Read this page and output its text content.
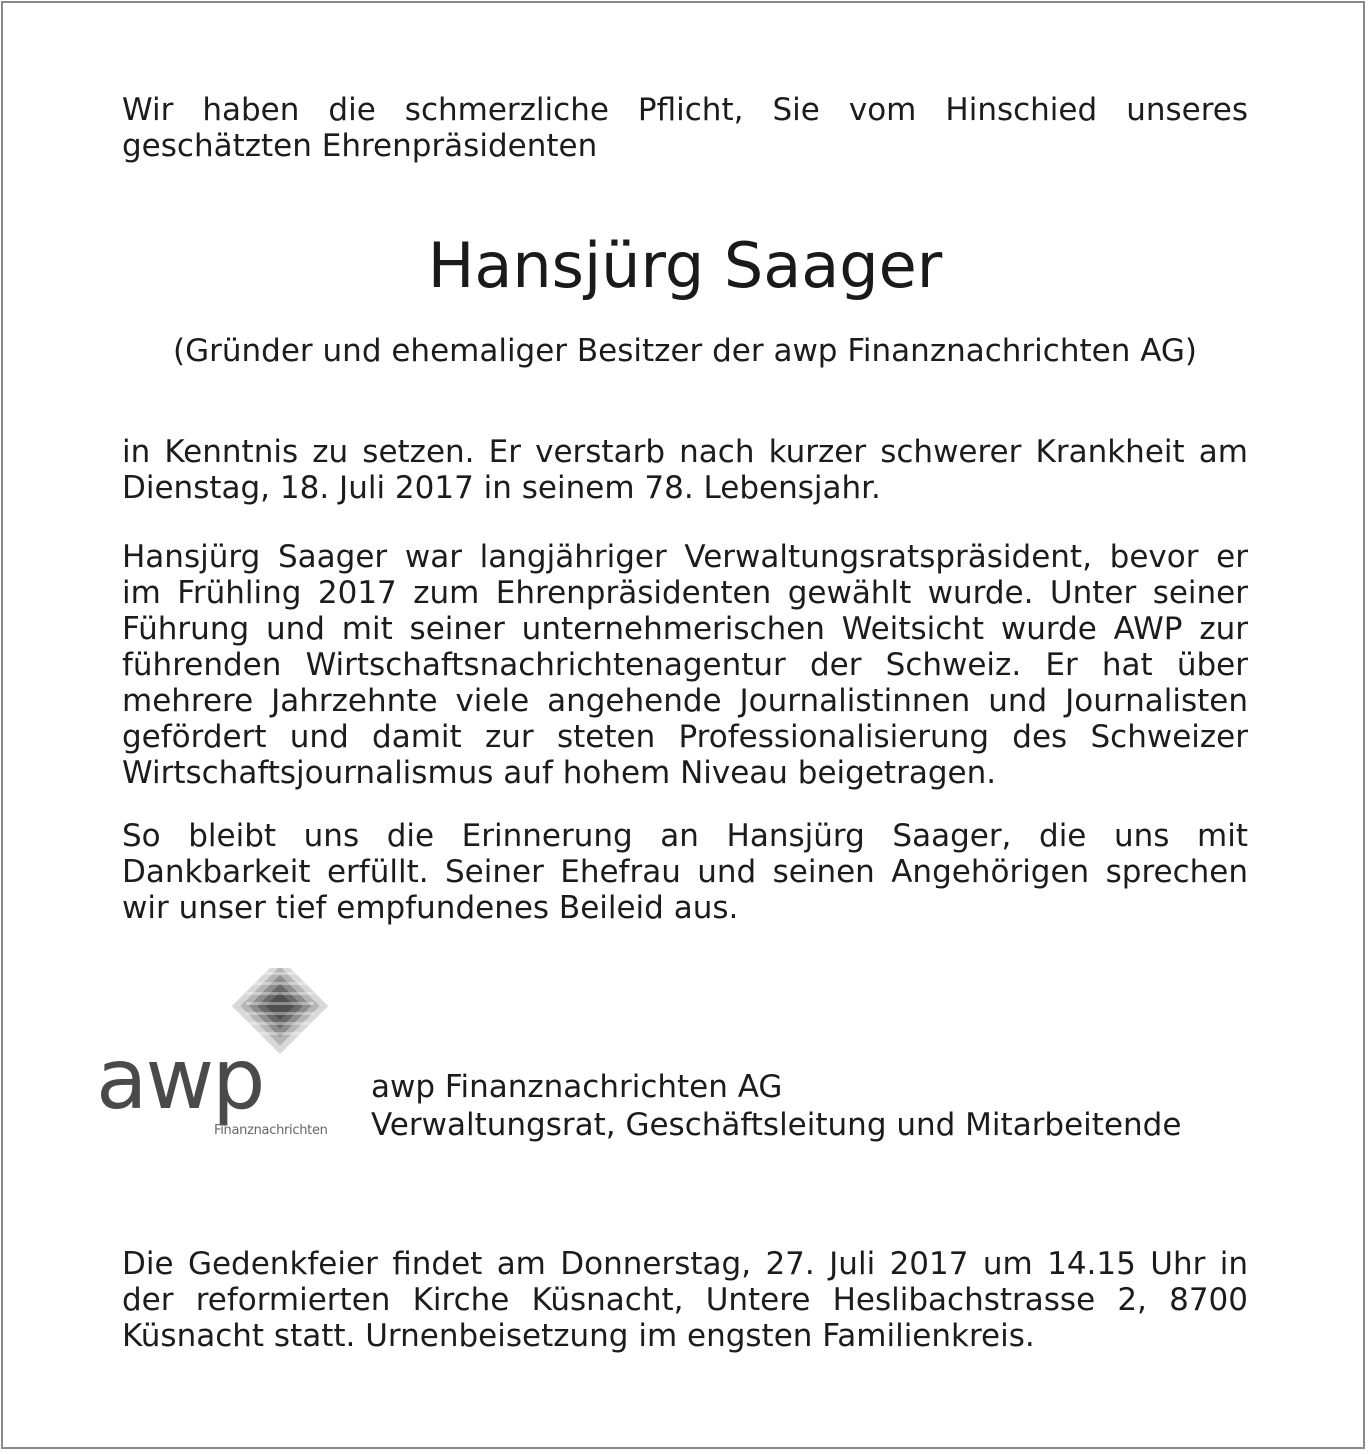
Wir haben die schmerzliche Pflicht, Sie vom Hinschied unseres geschätzten Ehrenpräsidenten

Hansjürg Saager

(Gründer und ehemaliger Besitzer der awp Finanznachrichten AG)

in Kenntnis zu setzen. Er verstarb nach kurzer schwerer Krankheit am Dienstag, 18. Juli 2017 in seinem 78. Lebensjahr.

Hansjürg Saager war langjähriger Verwaltungsratspräsident, bevor er im Frühling 2017 zum Ehrenpräsidenten gewählt wurde. Unter seiner Führung und mit seiner unternehmerischen Weitsicht wurde AWP zur führenden Wirtschaftsnachrichtenagentur der Schweiz. Er hat über mehrere Jahrzehnte viele angehende Journalistinnen und Journalisten gefördert und damit zur steten Professionalisierung des Schweizer Wirtschaftsjournalismus auf hohem Niveau beigetragen.

So bleibt uns die Erinnerung an Hansjürg Saager, die uns mit Dankbarkeit erfüllt. Seiner Ehefrau und seinen Angehörigen sprechen wir unser tief empfundenes Beileid aus.

awp

Finanznachrichten

awp Finanznachrichten AG
Verwaltungsrat, Geschäftsleitung und Mitarbeitende

Die Gedenkfeier findet am Donnerstag, 27. Juli 2017 um 14.15 Uhr in der reformierten Kirche Küsnacht, Untere Heslibachstrasse 2, 8700 Küsnacht statt. Urnenbeisetzung im engsten Familienkreis.
